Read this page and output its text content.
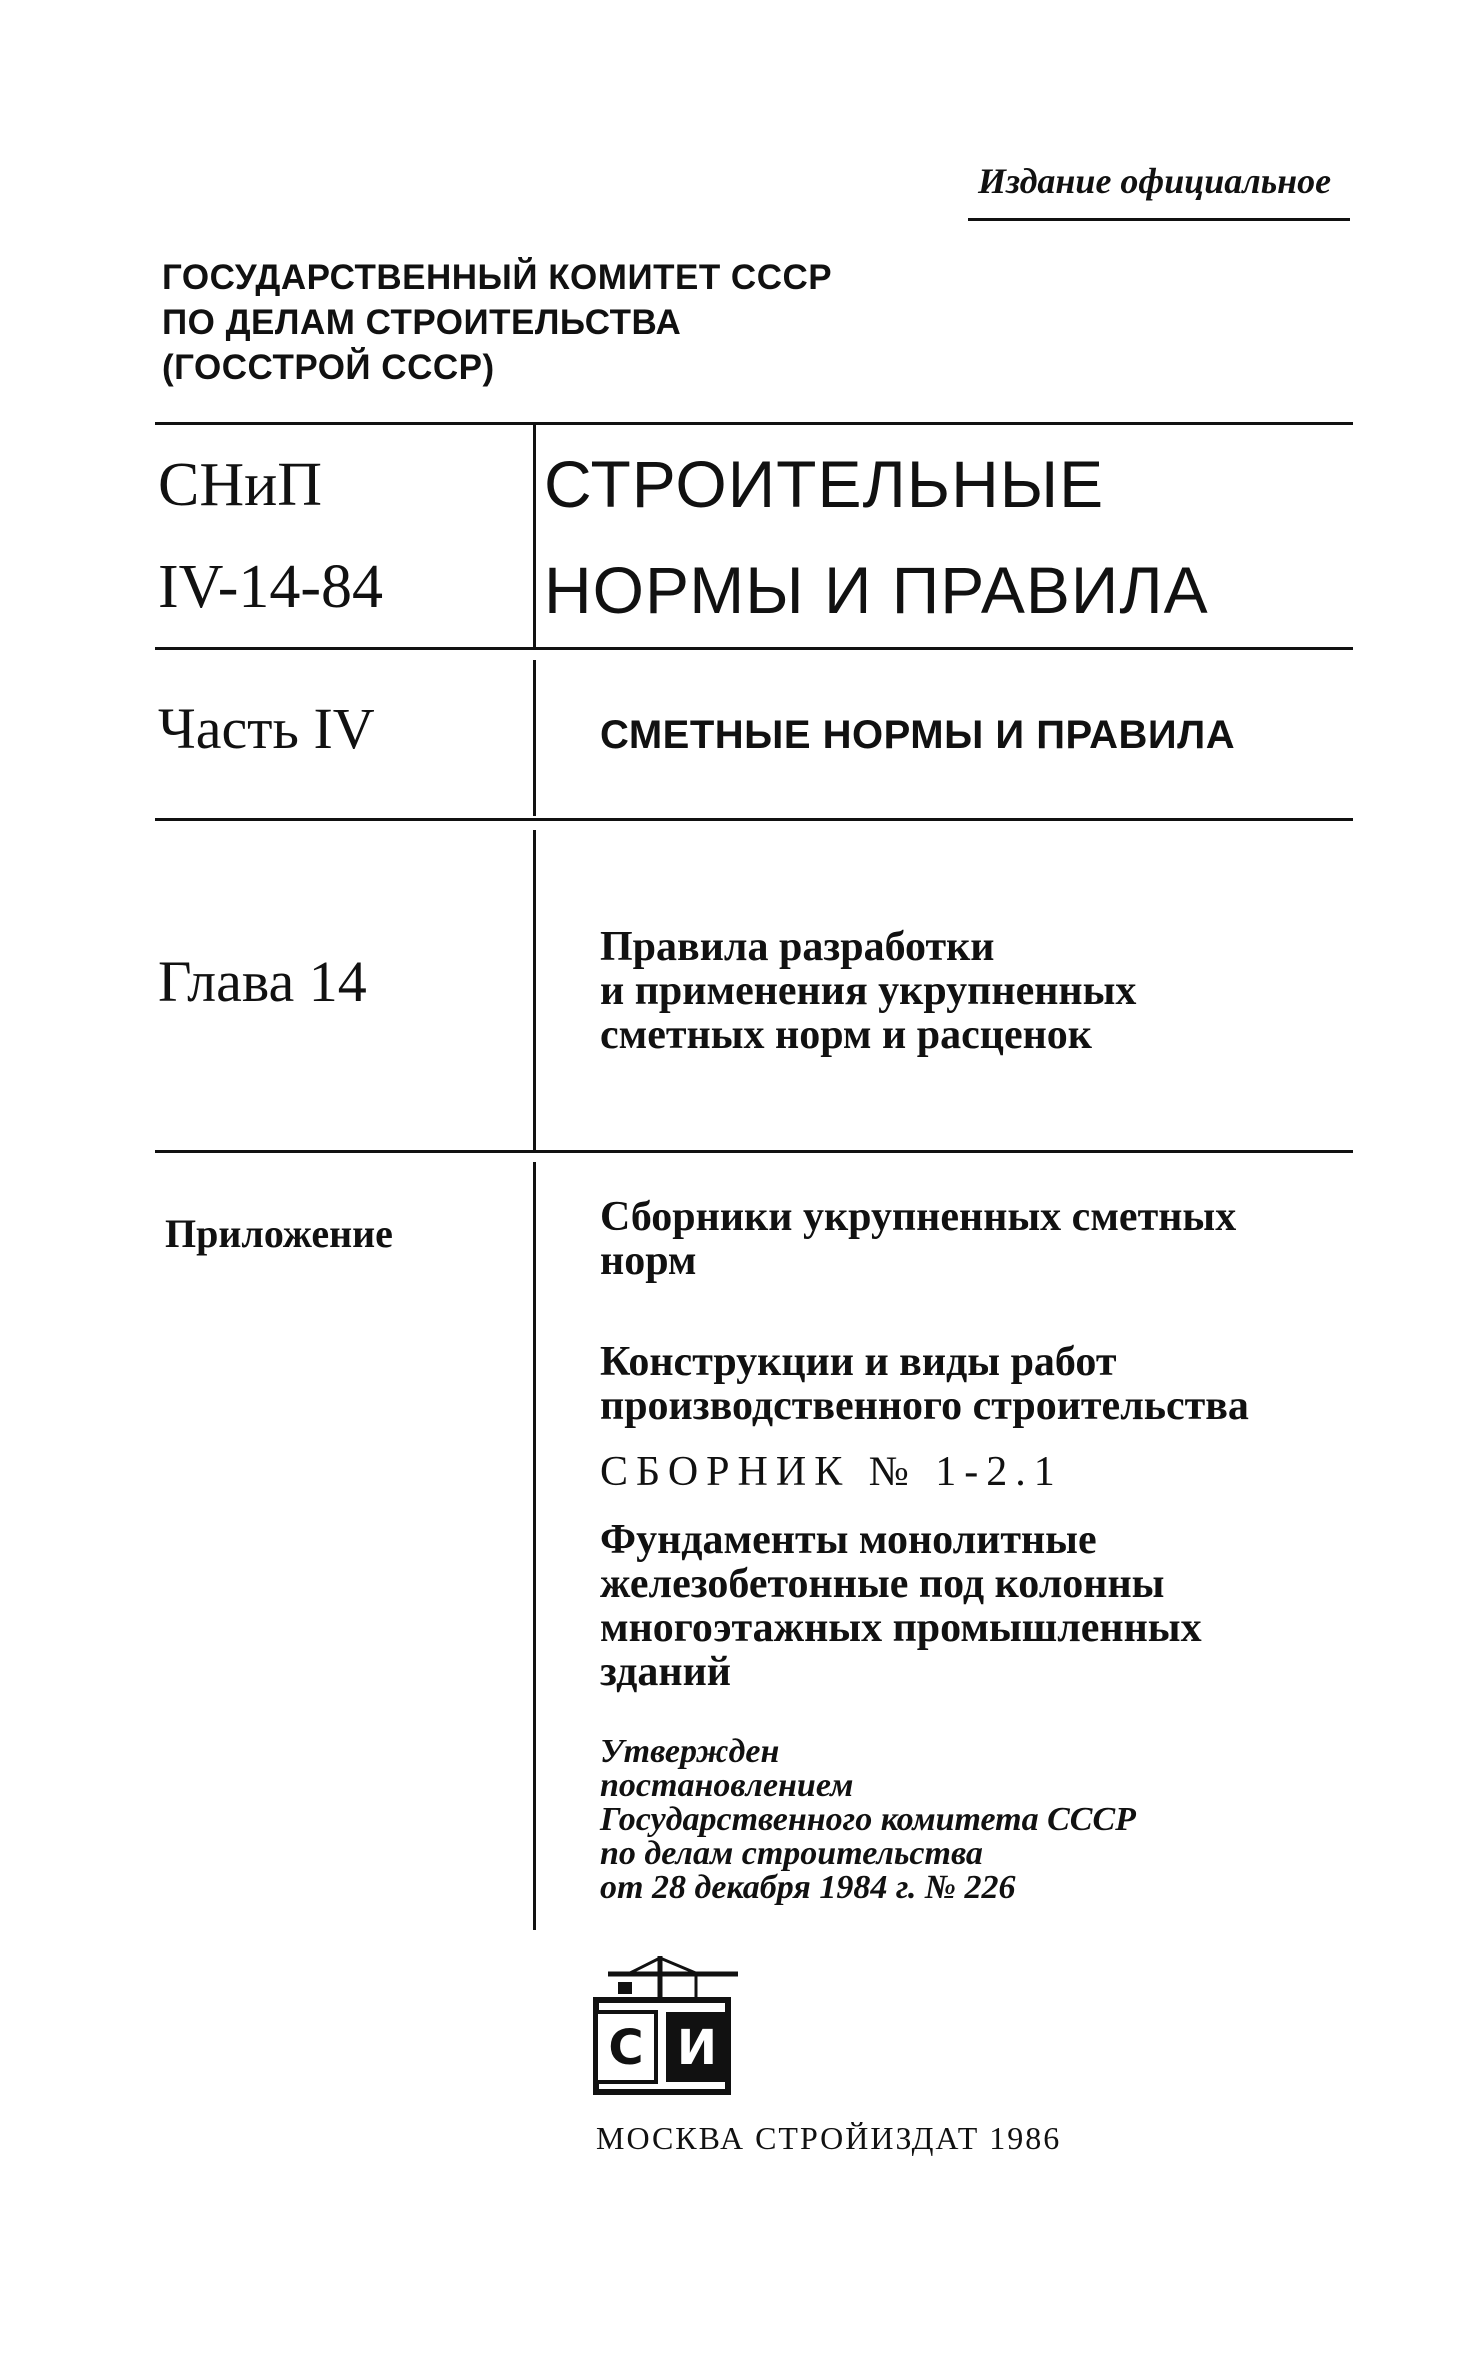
Издание официальное
ГОСУДАРСТВЕННЫЙ КОМИТЕТ СССР
ПО ДЕЛАМ СТРОИТЕЛЬСТВА
(ГОССТРОЙ СССР)
СНиП
IV-14-84
СТРОИТЕЛЬНЫЕ
НОРМЫ И ПРАВИЛА
Часть IV	СМЕТНЫЕ НОРМЫ И ПРАВИЛА
Глава 14
Правила разработки
и применения укрупненных
сметных норм и расценок
Приложение	Сборники укрупненных сметных
норм
Конструкции и виды работ
производственного строительства
СБОРНИК № 1-2.1
Фундаменты монолитные
железобетонные под колонны
многоэтажных промышленных
зданий
Утвержден
постановлением
Государственного комитета СССР
по делам строительства
от 28 декабря 1984 г. № 226
С И
МОСКВА СТРОЙИЗДАТ 1986
